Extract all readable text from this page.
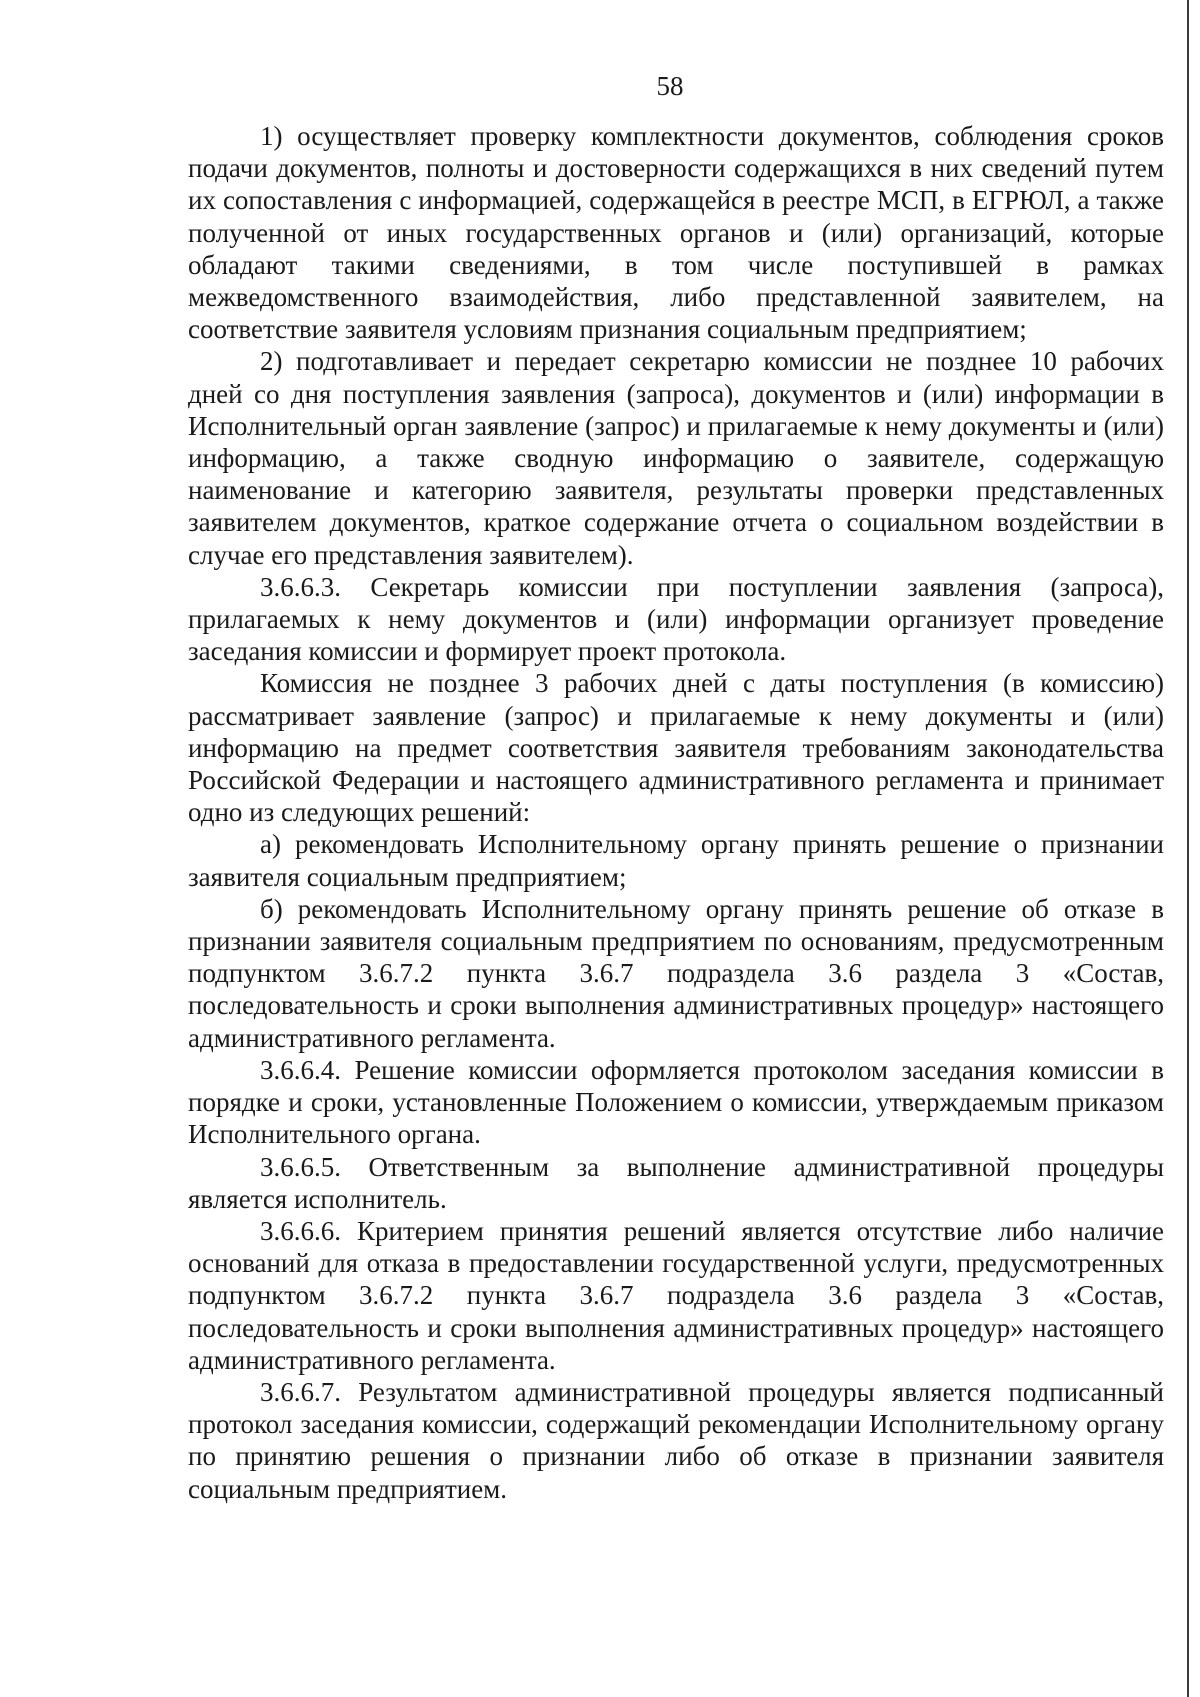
58

1) осуществляет проверку комплектности документов, соблюдения сроков подачи документов, полноты и достоверности содержащихся в них сведений путем их сопоставления с информацией, содержащейся в реестре МСП, в ЕГРЮЛ, а также полученной от иных государственных органов и (или) организаций, которые обладают такими сведениями, в том числе поступившей в рамках межведомственного взаимодействия, либо представленной заявителем, на соответствие заявителя условиям признания социальным предприятием;

2) подготавливает и передает секретарю комиссии не позднее 10 рабочих дней со дня поступления заявления (запроса), документов и (или) информации в Исполнительный орган заявление (запрос) и прилагаемые к нему документы и (или) информацию, а также сводную информацию о заявителе, содержащую наименование и категорию заявителя, результаты проверки представленных заявителем документов, краткое содержание отчета о социальном воздействии в случае его представления заявителем).

3.6.6.3. Секретарь комиссии при поступлении заявления (запроса), прилагаемых к нему документов и (или) информации организует проведение заседания комиссии и формирует проект протокола.

Комиссия не позднее 3 рабочих дней с даты поступления (в комиссию) рассматривает заявление (запрос) и прилагаемые к нему документы и (или) информацию на предмет соответствия заявителя требованиям законодательства Российской Федерации и настоящего административного регламента и принимает одно из следующих решений:

а) рекомендовать Исполнительному органу принять решение о признании заявителя социальным предприятием;

б) рекомендовать Исполнительному органу принять решение об отказе в признании заявителя социальным предприятием по основаниям, предусмотренным подпунктом 3.6.7.2 пункта 3.6.7 подраздела 3.6 раздела 3 «Состав, последовательность и сроки выполнения административных процедур» настоящего административного регламента.

3.6.6.4. Решение комиссии оформляется протоколом заседания комиссии в порядке и сроки, установленные Положением о комиссии, утверждаемым приказом Исполнительного органа.

3.6.6.5. Ответственным за выполнение административной процедуры является исполнитель.

3.6.6.6. Критерием принятия решений является отсутствие либо наличие оснований для отказа в предоставлении государственной услуги, предусмотренных подпунктом 3.6.7.2 пункта 3.6.7 подраздела 3.6 раздела 3 «Состав, последовательность и сроки выполнения административных процедур» настоящего административного регламента.

3.6.6.7. Результатом административной процедуры является подписанный протокол заседания комиссии, содержащий рекомендации Исполнительному органу по принятию решения о признании либо об отказе в признании заявителя социальным предприятием.
